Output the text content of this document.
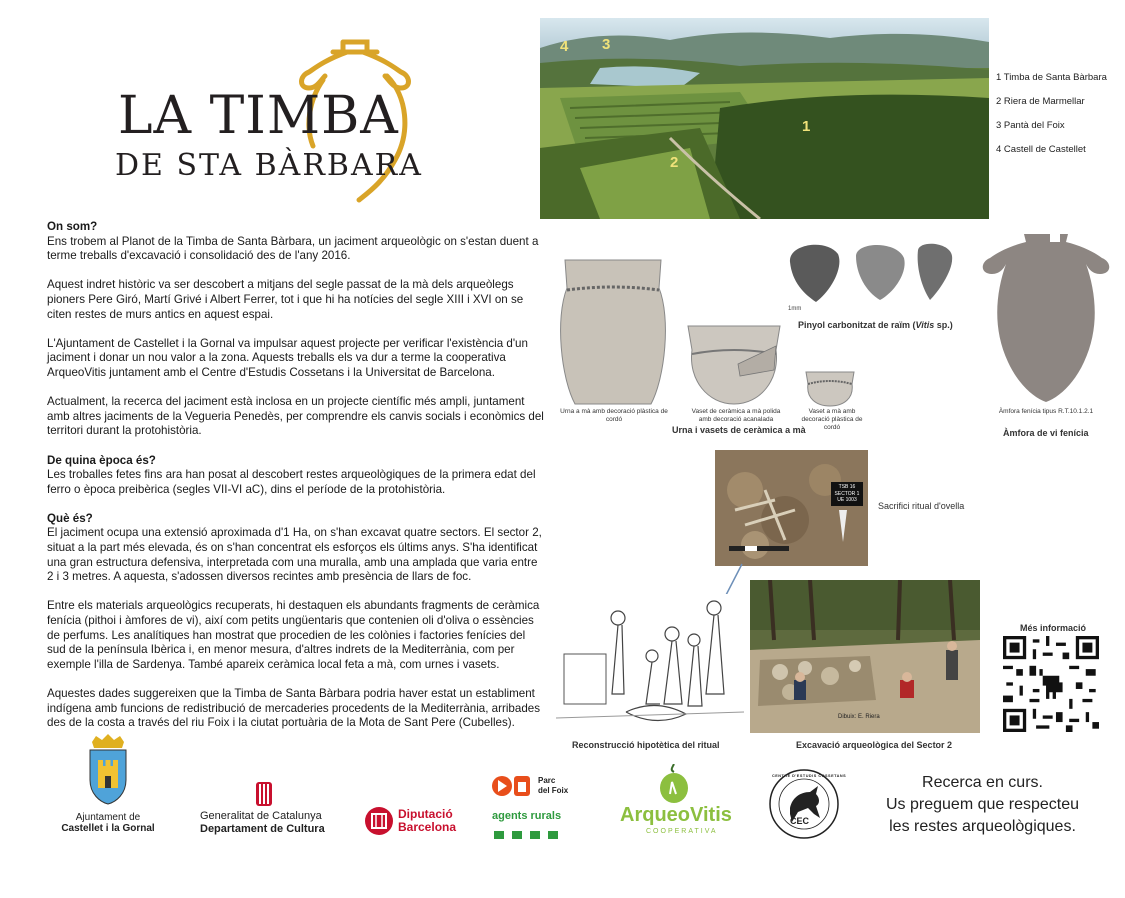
LA TIMBA
DE STA BÀRBARA
On som?

Ens trobem al Planot de la Timba de Santa Bàrbara, un jaciment arqueològic on s'estan duent a terme treballs d'excavació i consolidació des de l'any 2016.

Aquest indret històric va ser descobert a mitjans del segle passat de la mà dels arqueòlegs pioners Pere Giró, Martí Grivé i Albert Ferrer, tot i que hi ha notícies del segle XIII i XVI on se citen restes de murs antics en aquest espai.

L'Ajuntament de Castellet i la Gornal va impulsar aquest projecte per verificar l'existència d'un jaciment i donar un nou valor a la zona. Aquests treballs els va dur a terme la cooperativa ArqueoVitis juntament amb el Centre d'Estudis Cossetans i la Universitat de Barcelona.

Actualment, la recerca del jaciment està inclosa en un projecte científic més ampli, juntament amb altres jaciments de la Vegueria Penedès, per comprendre els canvis socials i econòmics del territori durant la protohistòria.

De quina època és?

Les troballes fetes fins ara han posat al descobert restes arqueològiques de la primera edat del ferro o època preibèrica (segles VII-VI aC), dins el període de la protohistòria.

Què és?

El jaciment ocupa una extensió aproximada d'1 Ha, on s'han excavat quatre sectors. El sector 2, situat a la part més elevada, és on s'han concentrat els esforços els últims anys. S'ha identificat una gran estructura defensiva, interpretada com una muralla, amb una amplada que varia entre 2 i 3 metres. A aquesta, s'adossen diversos recintes amb presència de llars de foc.

Entre els materials arqueològics recuperats, hi destaquen els abundants fragments de ceràmica fenícia (pithoi i àmfores de vi), així com petits ungüentaris que contenien oli d'oliva o essències de perfums. Les analítiques han mostrat que procedien de les colònies i factories fenícies del sud de la península Ibèrica i, en menor mesura, d'altres indrets de la Mediterrània, com per exemple l'illa de Sardenya. També apareix ceràmica local feta a mà, com urnes i vasets.

Aquestes dades suggereixen que la Timba de Santa Bàrbara podria haver estat un establiment indígena amb funcions de redistribució de mercaderies procedents de la Mediterrània, arribades des de la costa a través del riu Foix i la ciutat portuària de la Mota de Sant Pere (Cubelles).

1
2
3
4
1 Timba de Santa Bàrbara
2 Riera de Marmellar
3 Pantà del Foix
4 Castell de Castellet
Urna a mà amb decoració plàstica de cordó
Vaset de ceràmica a mà polida amb decoració acanalada
Vaset a mà amb decoració plàstica de cordó
Urna i vasets de ceràmica a mà
1mm
Pinyol carbonitzat de raïm (Vitis sp.)
Àmfora fenícia tipus R.T.10.1.2.1
Àmfora de vi fenícia
TSB 16
SECTOR 1
UE 1003
Sacrifici ritual d'ovella
Reconstrucció hipotètica del ritual
Dibuix: E. Riera
Excavació arqueològica del Sector 2
Més informació
Ajuntament de
Castellet i la Gornal
Generalitat de Catalunya
Departament de Cultura
Diputació
Barcelona
Parc
del Foix
agents rurals	ArqueoVitis
COOPERATIVA
CENTRE D'ESTUDIS COSSETANS
CEC
Recerca en curs.
Us preguem que respecteu
les restes arqueològiques.
